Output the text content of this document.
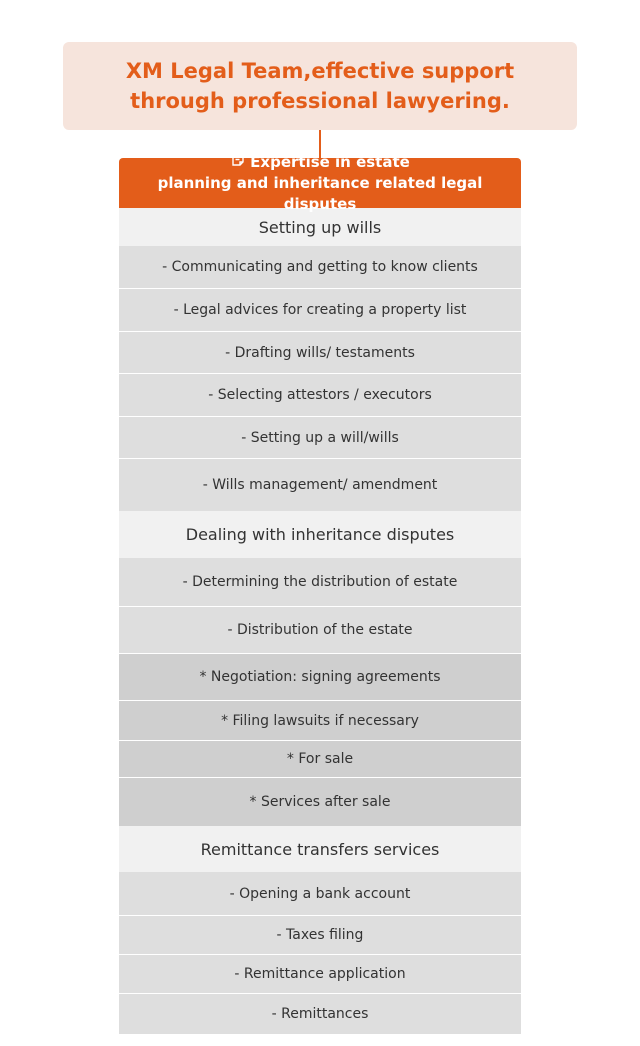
XM Legal Team,effective support through professional lawyering.
Expertise in estate
planning and inheritance related legal disputes
Setting up wills
- Communicating and getting to know clients
- Legal advices for creating a property list
- Drafting wills/ testaments
- Selecting attestors / executors
- Setting up a will/wills
- Wills management/ amendment
Dealing with inheritance disputes
- Determining the distribution of estate
- Distribution of the estate
* Negotiation: signing agreements
* Filing lawsuits if necessary
* For sale
* Services after sale
Remittance transfers services
- Opening a bank account
- Taxes filing
- Remittance application
- Remittances
